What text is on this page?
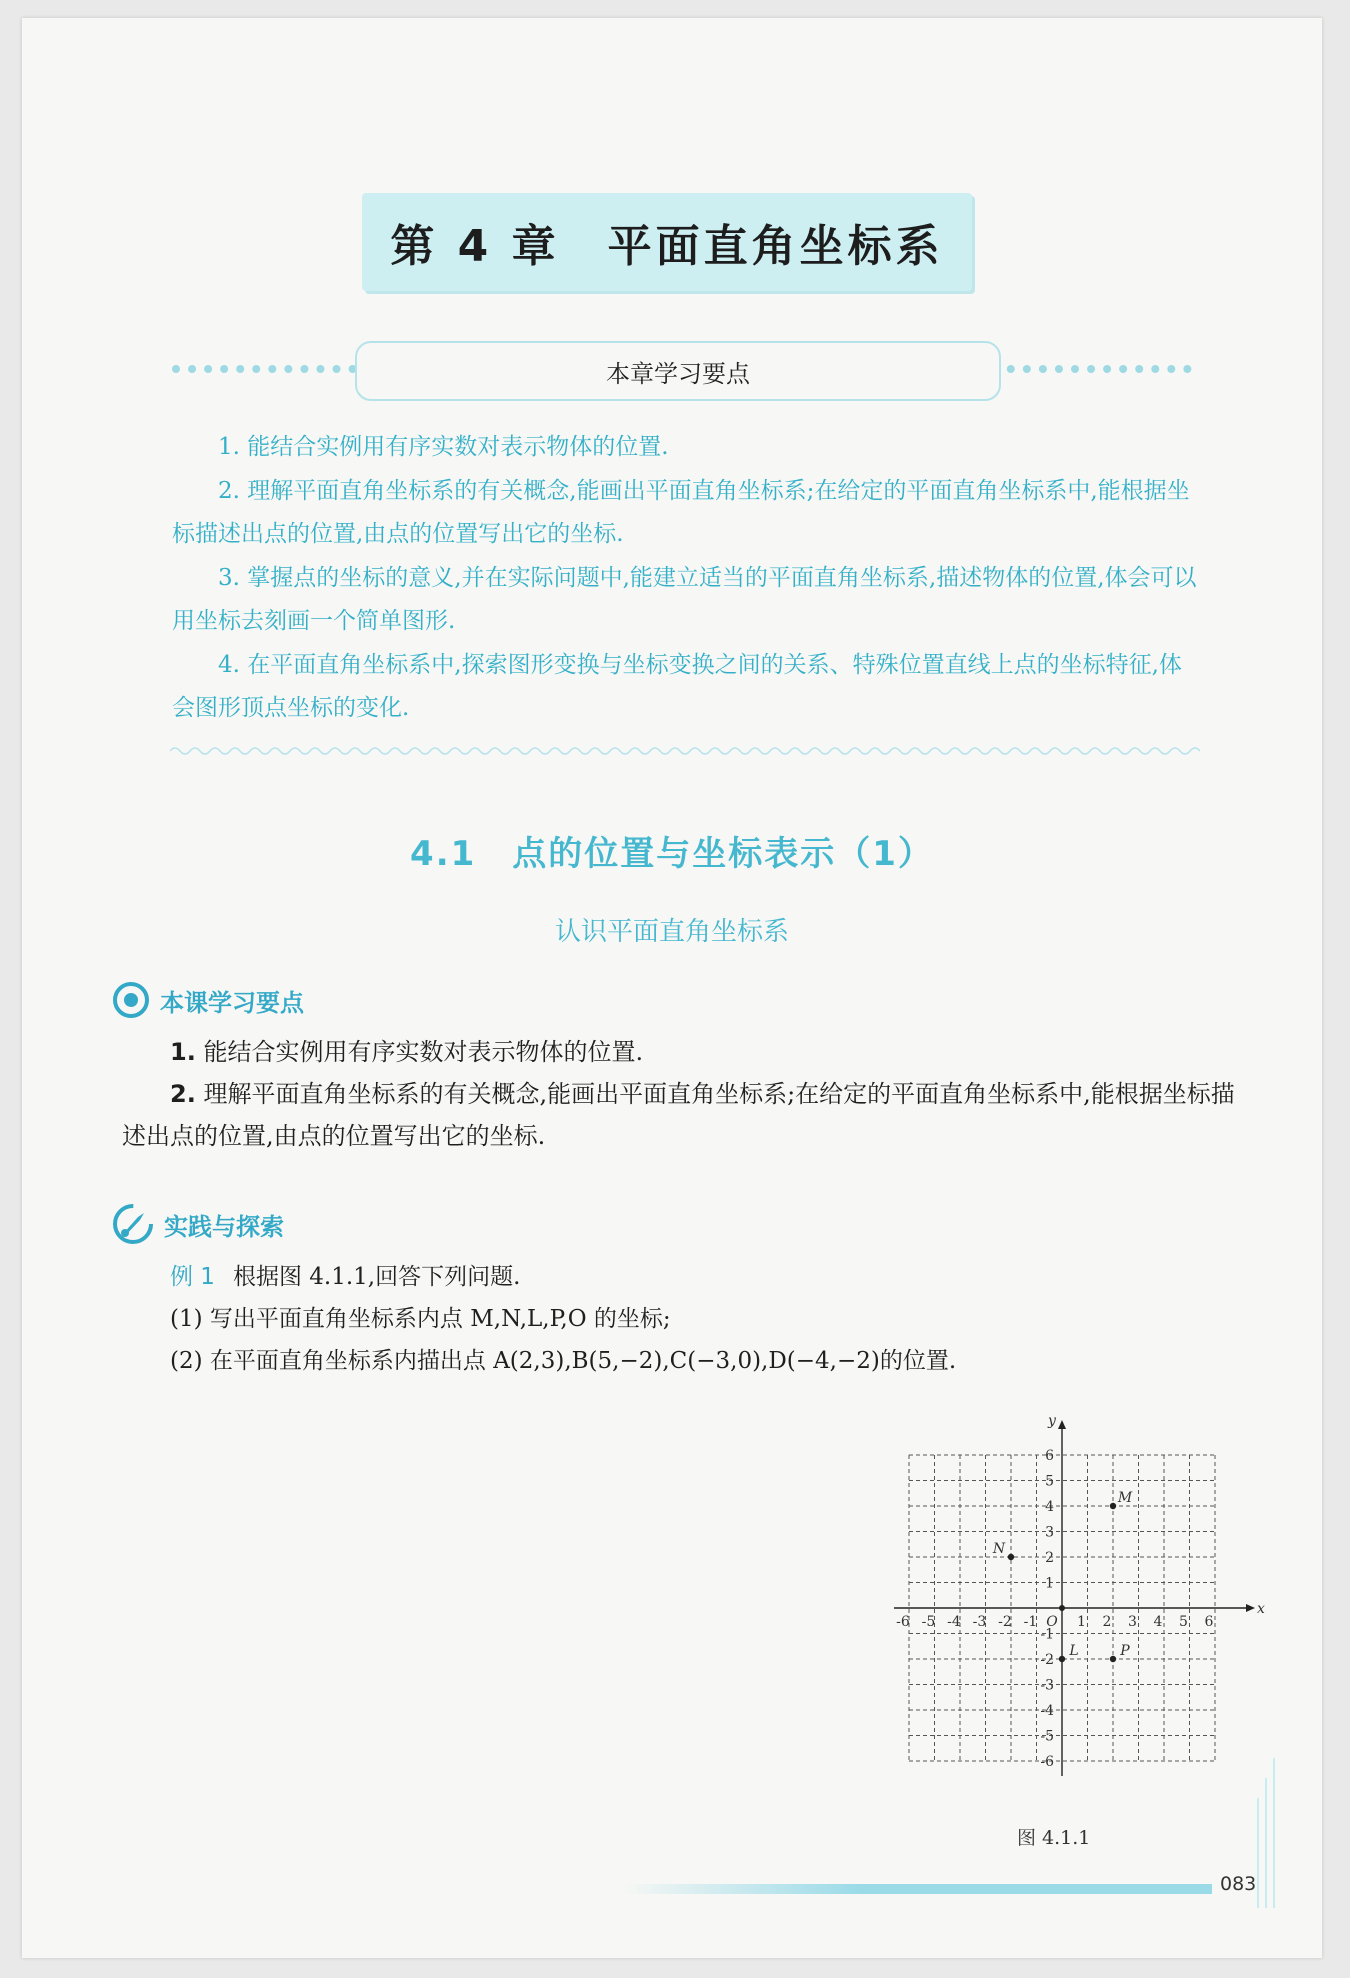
第 4 章　平面直角坐标系
本章学习要点

1. 能结合实例用有序实数对表示物体的位置.

2. 理解平面直角坐标系的有关概念,能画出平面直角坐标系;在给定的平面直角坐标系中,能根据坐标描述出点的位置,由点的位置写出它的坐标.

3. 掌握点的坐标的意义,并在实际问题中,能建立适当的平面直角坐标系,描述物体的位置,体会可以用坐标去刻画一个简单图形.

4. 在平面直角坐标系中,探索图形变换与坐标变换之间的关系、特殊位置直线上点的坐标特征,体会图形顶点坐标的变化.

4.1　点的位置与坐标表示（1）
认识平面直角坐标系
本课学习要点

1. 能结合实例用有序实数对表示物体的位置.

2. 理解平面直角坐标系的有关概念,能画出平面直角坐标系;在给定的平面直角坐标系中,能根据坐标描述出点的位置,由点的位置写出它的坐标.

实践与探索

例 1 根据图 4.1.1,回答下列问题.

(1) 写出平面直角坐标系内点 M,N,L,P,O 的坐标;

(2) 在平面直角坐标系内描出点 A(2,3),B(5,−2),C(−3,0),D(−4,−2)的位置.

x
y
O
-6 -5 -4 -3 -2 -1	1 2 3 4 5 6
6
5
4
3
2
1
-1
-2
-3
-4
-5
-6
M
N
L	P
图 4.1.1
083
